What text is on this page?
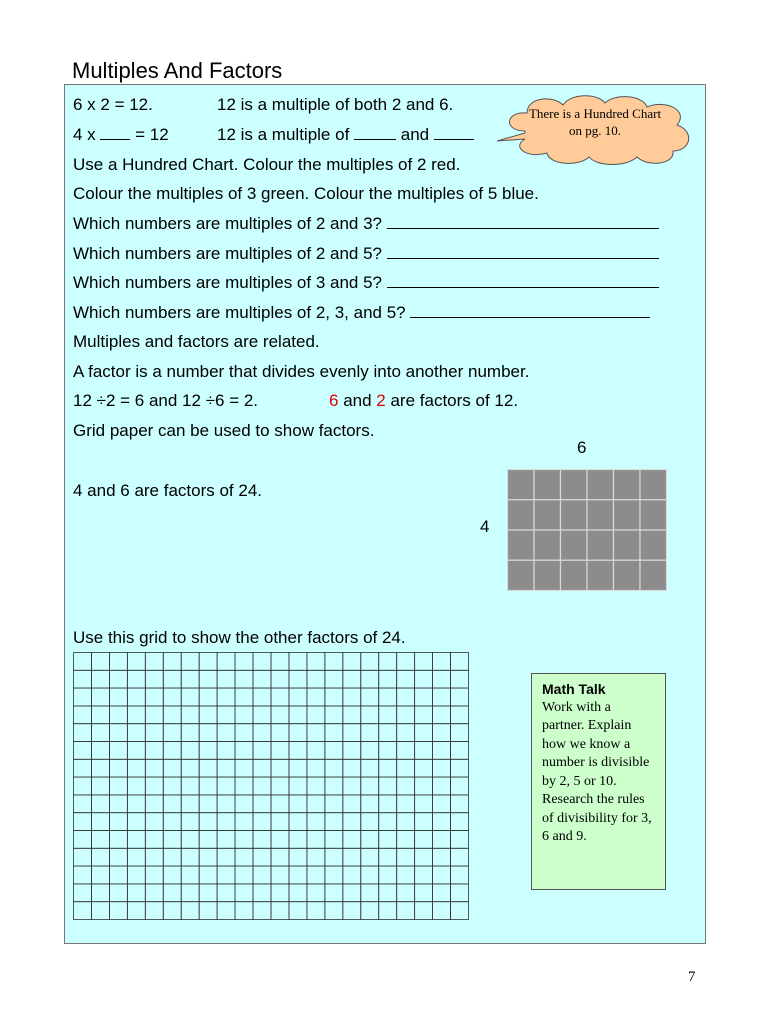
Multiples And Factors
6 x 2 = 12.	12 is a multiple of both 2 and 6.
4 x  = 12	12 is a multiple of  and
Use a Hundred Chart. Colour the multiples of 2 red.
Colour the multiples of 3 green. Colour the multiples of 5 blue.
Which numbers are multiples of 2 and 3?
Which numbers are multiples of 2 and 5?
Which numbers are multiples of 3 and 5?
Which numbers are multiples of 2, 3, and 5?
Multiples and factors are related.
A factor is a number that divides evenly into another number.
12 ÷2 = 6 and 12 ÷6 = 2.	6 and 2 are factors of 12.
Grid paper can be used to show factors.
4 and 6 are factors of 24.
Use this grid to show the other factors of 24.
There is a Hundred Chart on pg. 10.
6
4
Math Talk
Work with a partner. Explain how we know a number is divisible by 2, 5 or 10. Research the rules of divisibility for 3, 6 and 9.
7
